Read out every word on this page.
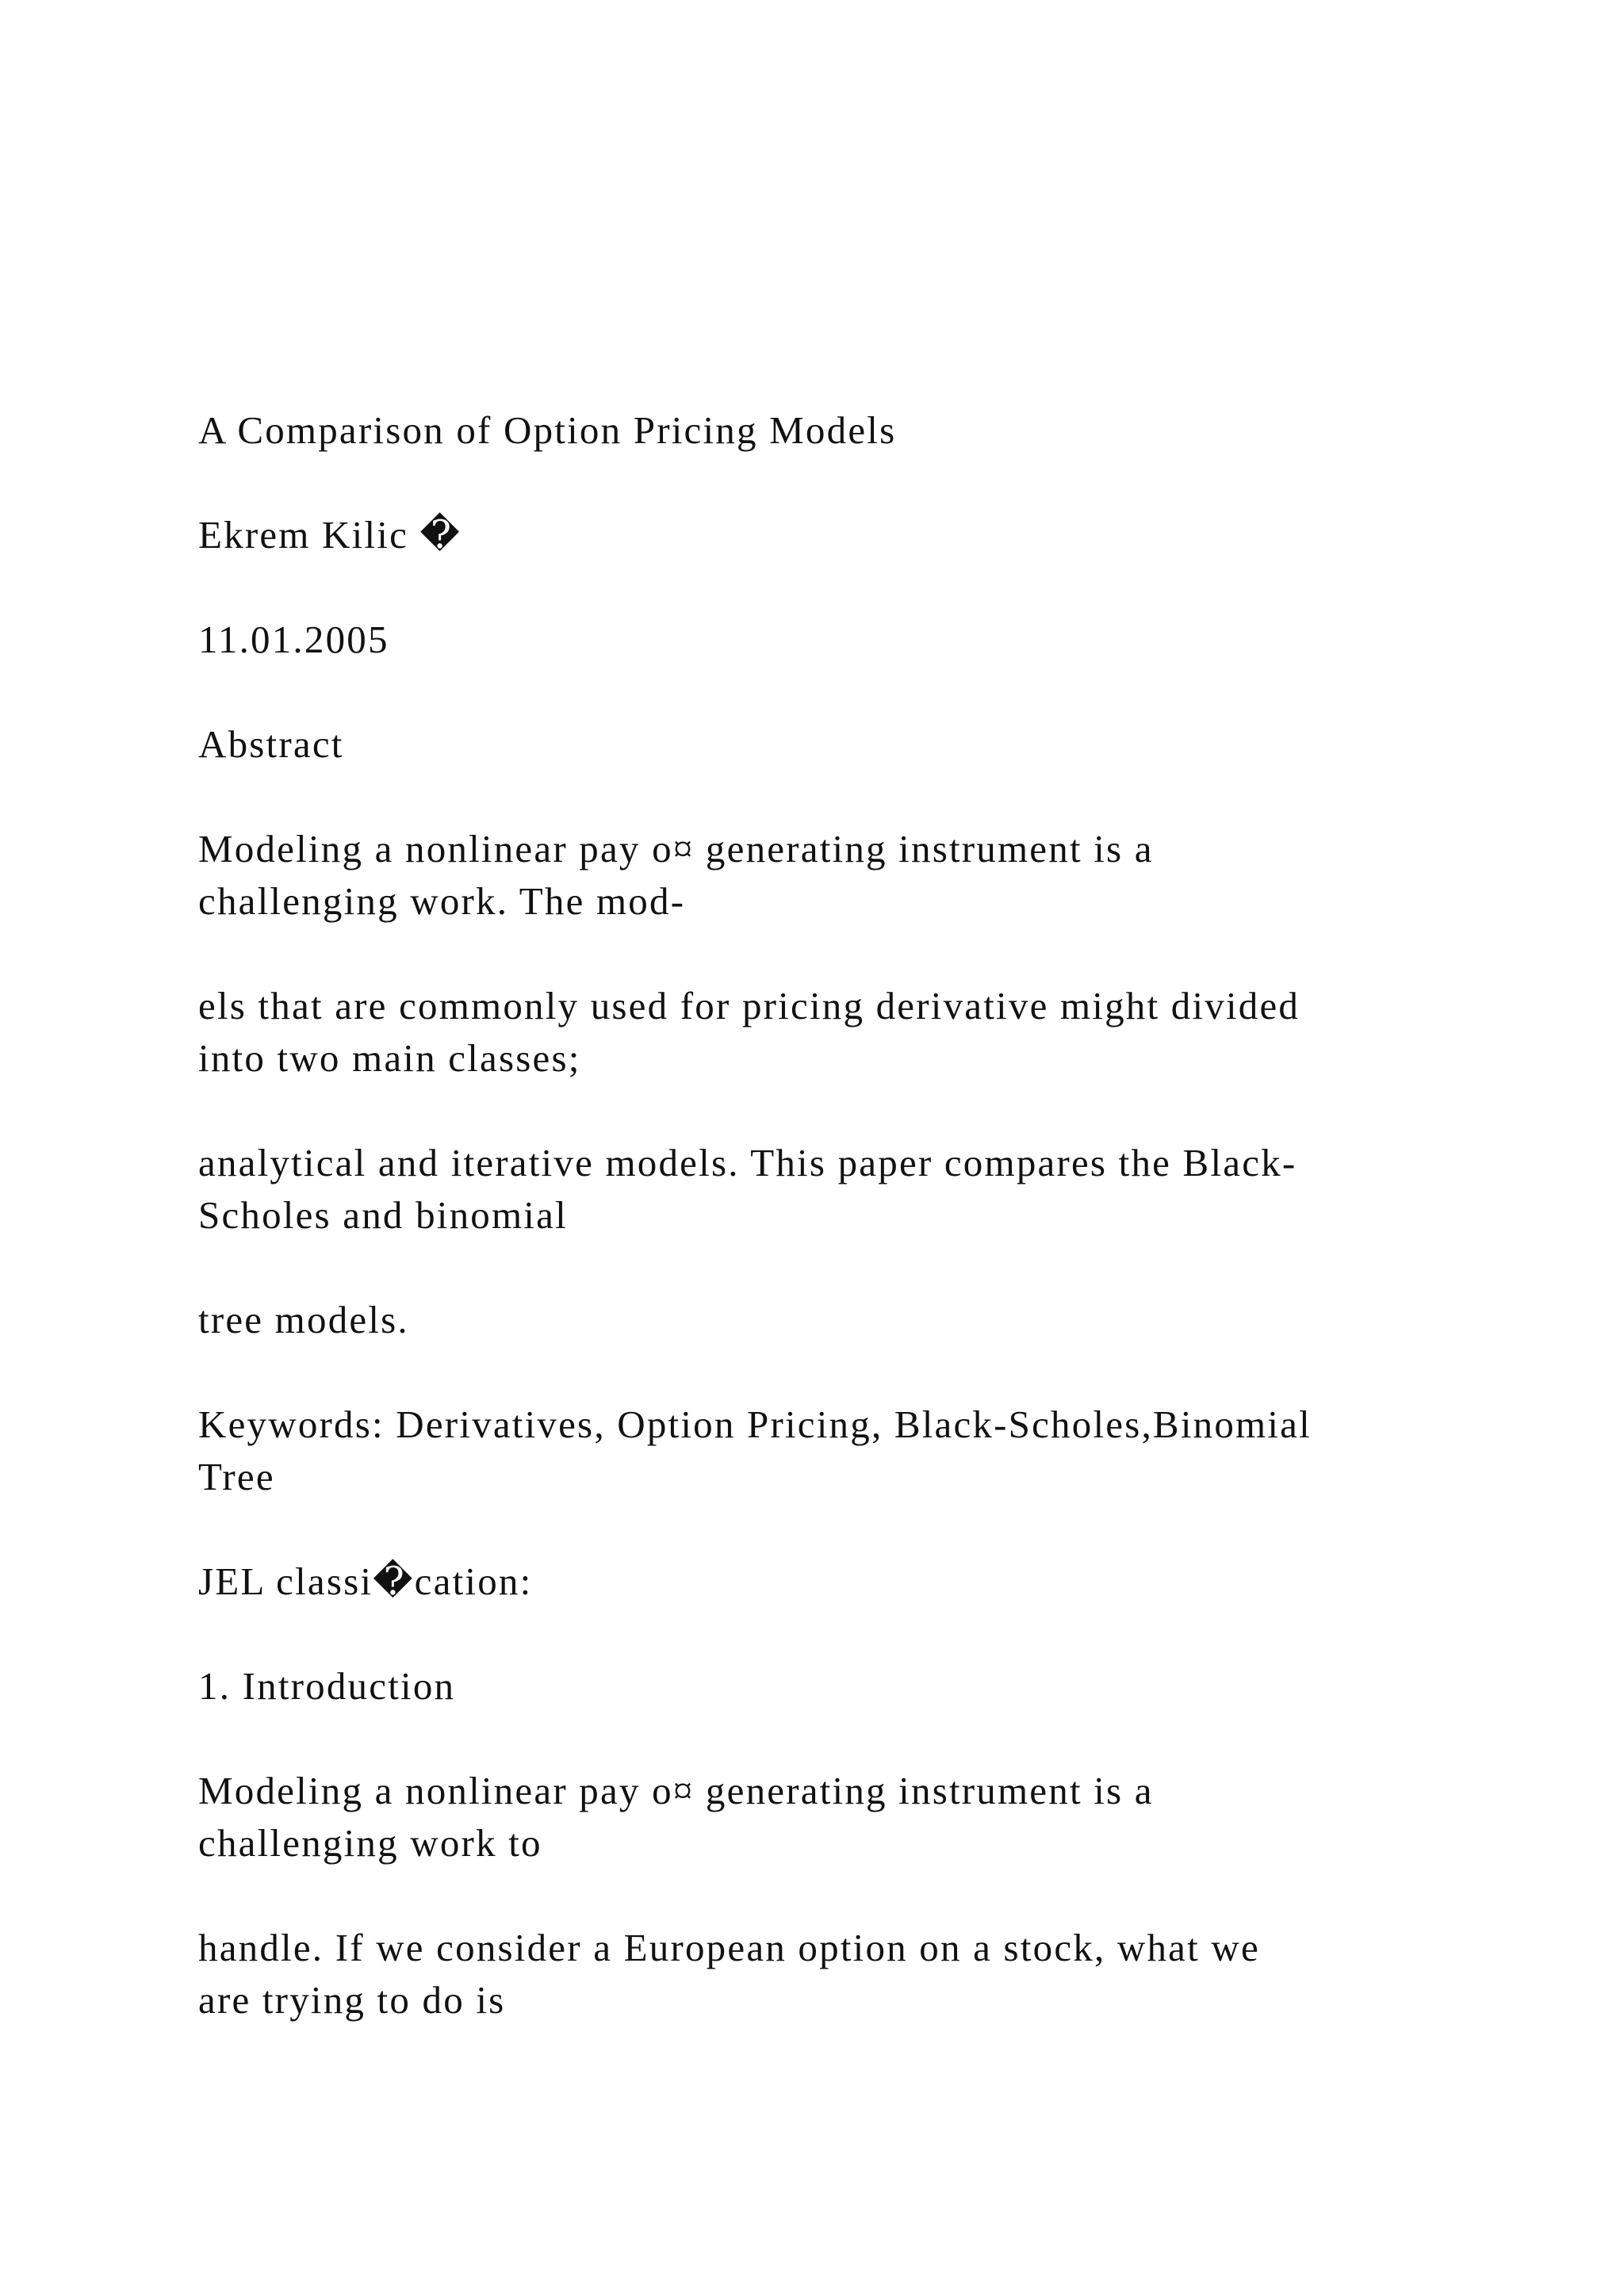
A Comparison of Option Pricing Models

Ekrem Kilic �

11.01.2005

Abstract

Modeling a nonlinear pay o¤ generating instrument is a
challenging work. The mod-

els that are commonly used for pricing derivative might divided
into two main classes;

analytical and iterative models. This paper compares the Black-
Scholes and binomial

tree models.

Keywords: Derivatives, Option Pricing, Black-Scholes,Binomial
Tree

JEL classi�cation:

1. Introduction

Modeling a nonlinear pay o¤ generating instrument is a
challenging work to

handle. If we consider a European option on a stock, what we
are trying to do is
